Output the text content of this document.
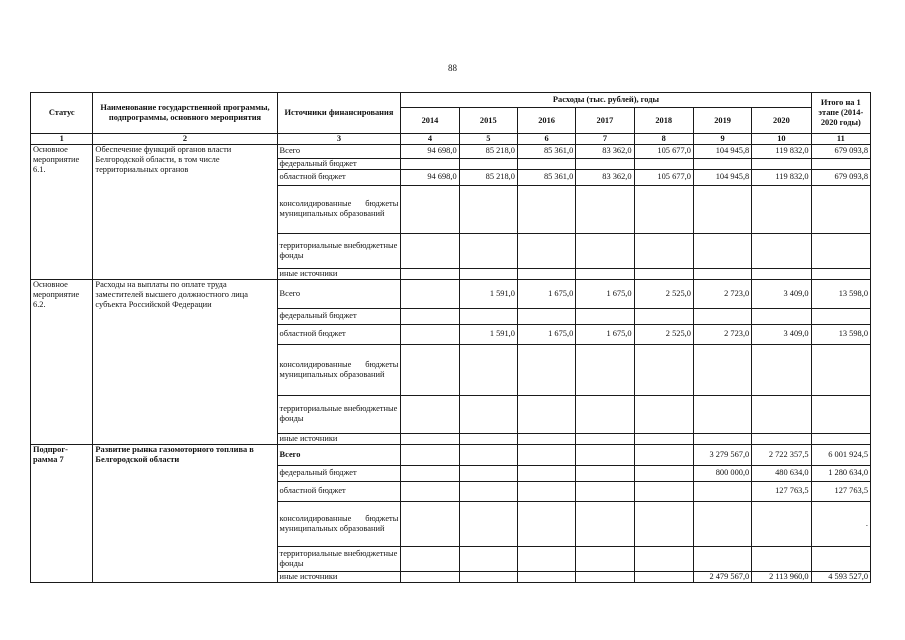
88
Статус	Наименование государственной программы, подпрограммы, основного мероприятия	Источники финансирования	Расходы (тыс. рублей), годы							Итого на 1 этапе (2014-2020 годы)
			2014	2015	2016	2017	2018	2019	2020	
1	2	3	4	5	6	7	8	9	10	11
Основное мероприятие 6.1.	Обеспечение функций органов власти Белгородской области, в том числе территориальных органов	Всего	94 698,0	85 218,0	85 361,0	83 362,0	105 677,0	104 945,8	119 832,0	679 093,8
		федеральный бюджет								
		областной бюджет	94 698,0	85 218,0	85 361,0	83 362,0	105 677,0	104 945,8	119 832,0	679 093,8
		консолидированные бюджеты муниципальных образований								
		территориальные внебюджетные фонды								
		иные источники								
Основное мероприятие 6.2.	Расходы на выплаты по оплате труда заместителей высшего должностного лица субъекта Российской Федерации	Всего		1 591,0	1 675,0	1 675,0	2 525,0	2 723,0	3 409,0	13 598,0
		федеральный бюджет								
		областной бюджет		1 591,0	1 675,0	1 675,0	2 525,0	2 723,0	3 409,0	13 598,0
		консолидированные бюджеты муниципальных образований								
		территориальные внебюджетные фонды								
		иные источники								
Подпрог-рамма 7	Развитие рынка газомоторного топлива в Белгородской области	Всего						3 279 567,0	2 722 357,5	6 001 924,5
		федеральный бюджет						800 000,0	480 634,0	1 280 634,0
		областной бюджет							127 763,5	127 763,5
		консолидированные бюджеты муниципальных образований								.
		территориальные внебюджетные фонды								
		иные источники						2 479 567,0	2 113 960,0	4 593 527,0
